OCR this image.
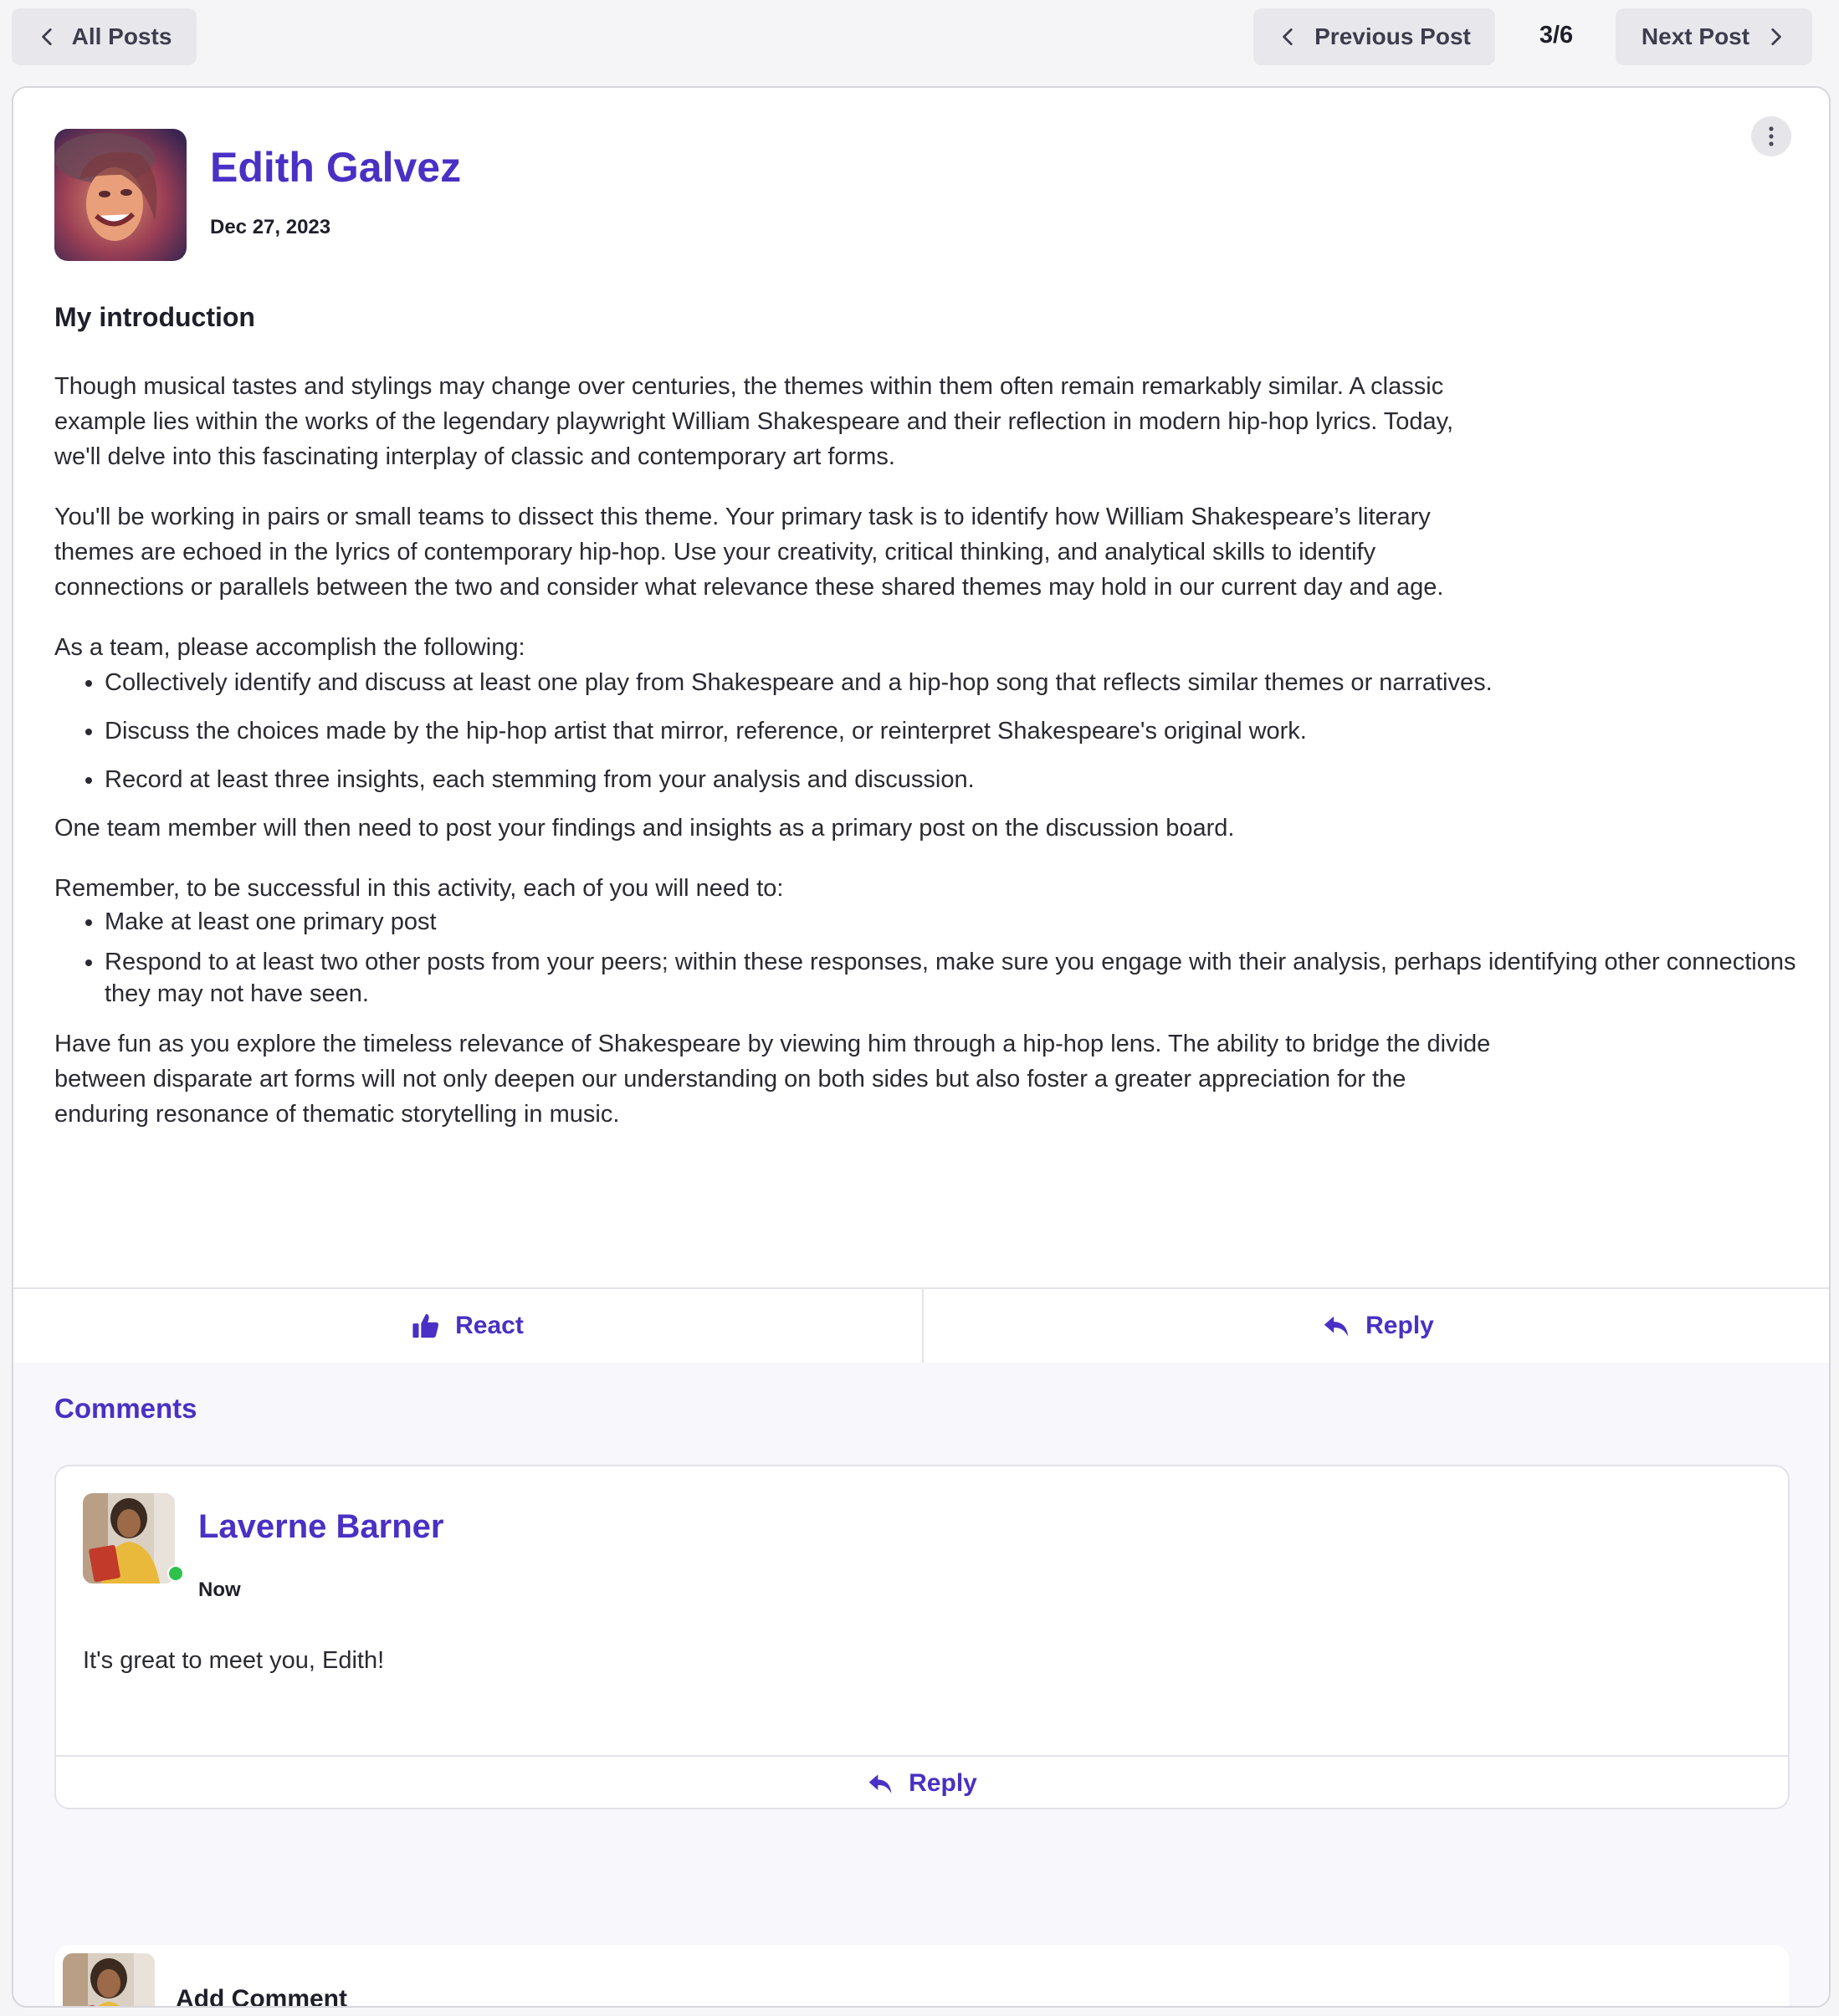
All Posts	Previous Post	3/6	Next Post
Edith Galvez
Dec 27, 2023
My introduction

Though musical tastes and stylings may change over centuries, the themes within them often remain remarkably similar. A classic example lies within the works of the legendary playwright William Shakespeare and their reflection in modern hip-hop lyrics. Today, we'll delve into this fascinating interplay of classic and contemporary art forms.

You'll be working in pairs or small teams to dissect this theme. Your primary task is to identify how William Shakespeare’s literary themes are echoed in the lyrics of contemporary hip-hop. Use your creativity, critical thinking, and analytical skills to identify connections or parallels between the two and consider what relevance these shared themes may hold in our current day and age.

As a team, please accomplish the following:

• Collectively identify and discuss at least one play from Shakespeare and a hip-hop song that reflects similar themes or narratives.
• Discuss the choices made by the hip-hop artist that mirror, reference, or reinterpret Shakespeare's original work.
• Record at least three insights, each stemming from your analysis and discussion.

One team member will then need to post your findings and insights as a primary post on the discussion board.

Remember, to be successful in this activity, each of you will need to:

• Make at least one primary post
• Respond to at least two other posts from your peers; within these responses, make sure you engage with their analysis, perhaps identifying other connections they may not have seen.

Have fun as you explore the timeless relevance of Shakespeare by viewing him through a hip-hop lens. The ability to bridge the divide between disparate art forms will not only deepen our understanding on both sides but also foster a greater appreciation for the enduring resonance of thematic storytelling in music.

React	Reply
Comments
Laverne Barner
Now
It's great to meet you, Edith!
Reply
Add Comment
